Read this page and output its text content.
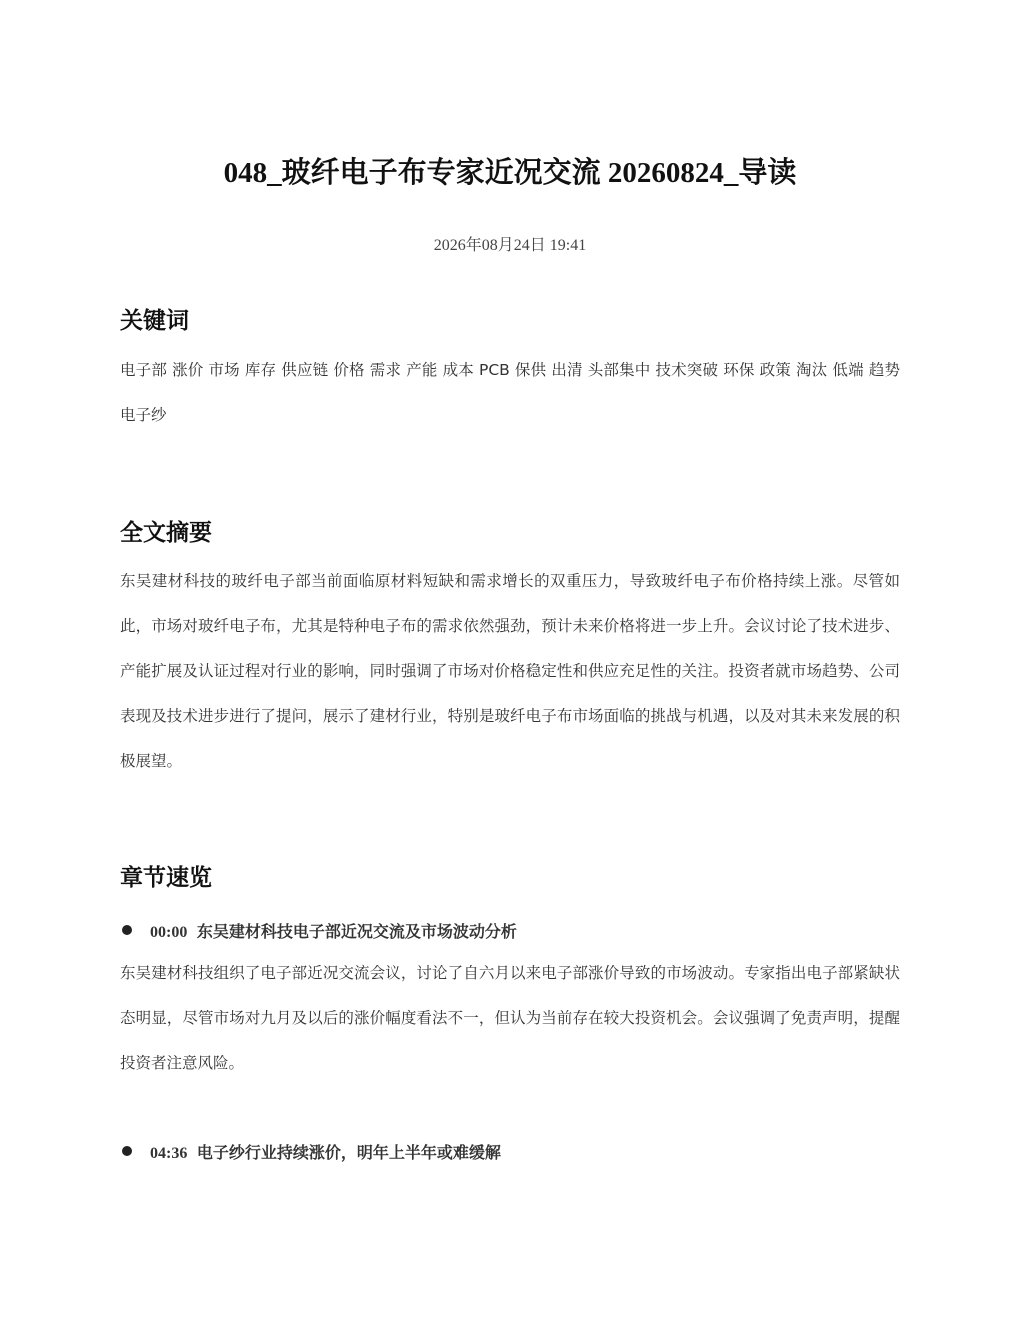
048_玻纤电子布专家近况交流 20260824_导读
2026年08月24日 19:41
关键词
电子部 涨价 市场 库存 供应链 价格 需求 产能 成本 PCB 保供 出清 头部集中 技术突破 环保 政策 淘汰 低端 趋势 电子纱
全文摘要
东吴建材科技的玻纤电子部当前面临原材料短缺和需求增长的双重压力，导致玻纤电子布价格持续上涨。尽管如此，市场对玻纤电子布，尤其是特种电子布的需求依然强劲，预计未来价格将进一步上升。会议讨论了技术进步、产能扩展及认证过程对行业的影响，同时强调了市场对价格稳定性和供应充足性的关注。投资者就市场趋势、公司表现及技术进步进行了提问，展示了建材行业，特别是玻纤电子布市场面临的挑战与机遇，以及对其未来发展的积极展望。
章节速览
00:00 东吴建材科技电子部近况交流及市场波动分析
东吴建材科技组织了电子部近况交流会议，讨论了自六月以来电子部涨价导致的市场波动。专家指出电子部紧缺状态明显，尽管市场对九月及以后的涨价幅度看法不一，但认为当前存在较大投资机会。会议强调了免责声明，提醒投资者注意风险。
04:36 电子纱行业持续涨价，明年上半年或难缓解
